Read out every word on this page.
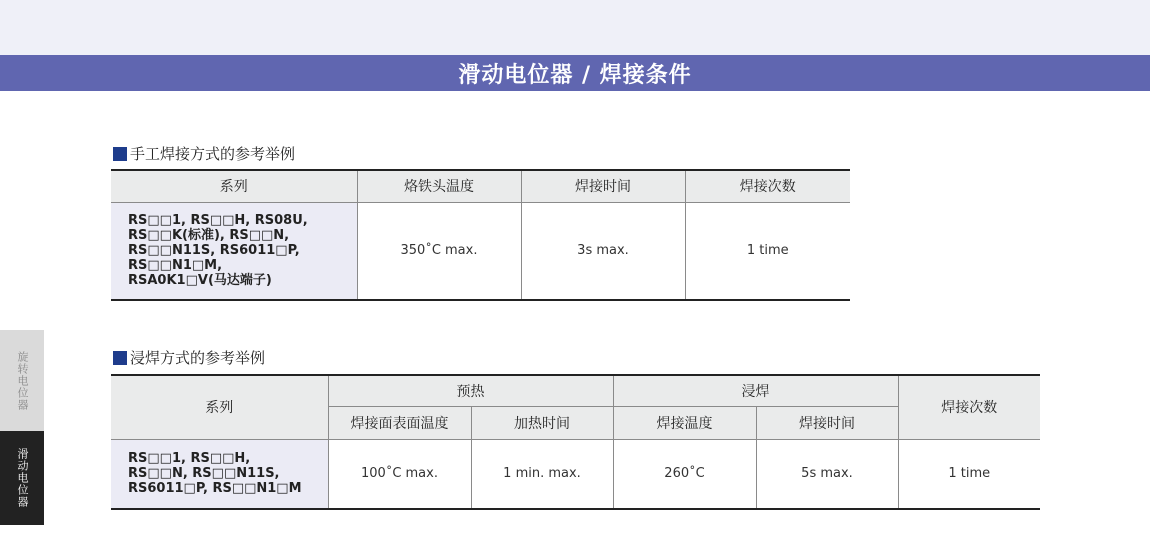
滑动电位器 / 焊接条件
手工焊接方式的参考举例
系列	烙铁头温度	焊接时间	焊接次数

RS□□1, RS□□H, RS08U,
RS□□K(标准), RS□□N,
RS□□N11S, RS6011□P,
RS□□N1□M,
RSA0K1□V(马达端子)	350˚C max.	3s max.	1 time
浸焊方式的参考举例
系列	预热		浸焊		焊接次数
	焊接面表面温度	加热时间	焊接温度	焊接时间	

RS□□1, RS□□H,
RS□□N, RS□□N11S,
RS6011□P, RS□□N1□M	100˚C max.	1 min. max.	260˚C	5s max.	1 time
旋转电位器
滑动电位器
